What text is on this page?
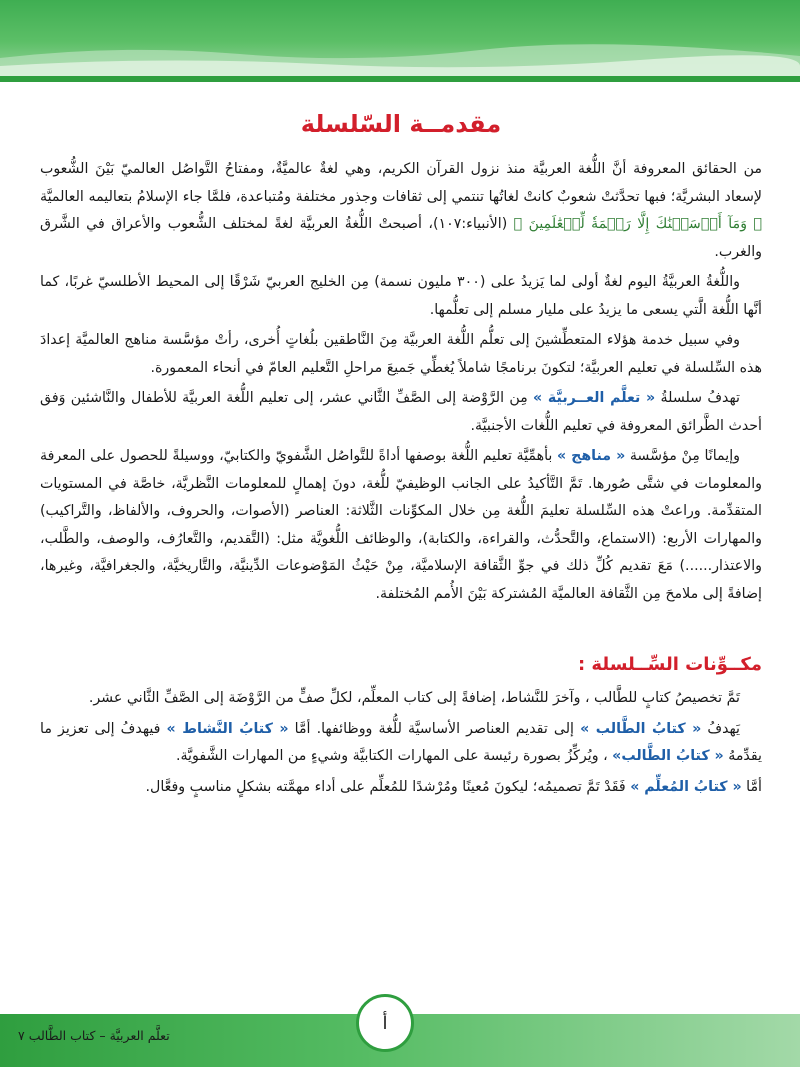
مقدمــة السّلسلة

من الحقائق المعروفة أنَّ اللُّغة العربيَّة منذ نزول القرآن الكريم، وهي لغةٌ عالميَّةٌ، ومفتاحُ التَّواصُل العالميّ بَيْنَ الشُّعوب لإسعاد البشريَّة؛ فبها تحدَّثتْ شعوبٌ كانتْ لغاتُها تنتمي إلى ثقافات وجذور مختلفة ومُتباعدة، فلمَّا جاء الإسلامُ بتعاليمه العالميَّة ﴿ وَمَآ أَرۡسَلۡنَٰكَ إِلَّا رَحۡمَةٗ لِّلۡعَٰلَمِينَ ﴾ (الأنبياء:١٠٧)، أصبحتْ اللُّغةُ العربيَّة لغةً لمختلف الشُّعوب والأعراق في الشَّرق والغرب.

واللُّغةُ العربيَّةُ اليوم لغةٌ أولى لما يَزيدُ على (٣٠٠ مليون نسمة) مِن الخليج العربيّ شَرْقًا إلى المحيط الأطلسيّ غربًا، كما أنَّها اللُّغة الَّتي يسعى ما يزيدُ على مليار مسلم إلى تعلُّمها.

وفي سبيل خدمة هؤلاء المتعطِّشينَ إلى تعلُّم اللُّغة العربيَّة مِنَ النَّاطقين بلُغاتٍ أُخرى، رأتْ مؤسَّسة مناهج العالميَّة إعدادَ هذه السِّلسلة في تعليم العربيَّة؛ لتكونَ برنامجًا شاملاً يُغطِّي جَميعَ مراحلِ التَّعليم العامّ في أنحاء المعمورة.

تهدفُ سلسلةُ « تعلَّم العــربيَّة » مِن الرَّوْضة إلى الصَّفِّ الثَّاني عشر، إلى تعليم اللُّغة العربيَّة للأطفال والنَّاشئين وَفق أحدث الطَّرائق المعروفة في تعليم اللُّغات الأجنبيَّة.

وإيمانًا مِنْ مؤسَّسة « مناهج » بأهمِّيَّة تعليم اللُّغة بوصفها أداةً للتَّواصُل الشَّفويّ والكتابيّ، ووسيلةً للحصول على المعرفة والمعلومات في شتَّى صُورها. تَمَّ التَّأكيدُ على الجانب الوظيفيّ للُّغة، دونَ إهمالٍ للمعلومات النَّظريَّة، خاصَّة في المستويات المتقدِّمة. وراعتْ هذه السِّلسلة تعليمَ اللُّغة مِن خلال المكوِّنات الثَّلاثة: العناصر (الأصوات، والحروف، والألفاظ، والتَّراكيب) والمهارات الأربع: (الاستماع، والتَّحدُّث، والقراءة، والكتابة)، والوظائف اللُّغويَّة مثل: (التَّقديم، والتَّعارُف، والوصف، والطَّلب، والاعتذار......) مَعَ تقديم كُلِّ ذلك في جوِّ الثَّقافة الإسلاميَّة، مِنْ حَيْثُ المَوْضوعات الدِّينيَّة، والتَّاريخيَّة، والجغرافيَّة، وغيرها، إضافةً إلى ملامحَ مِن الثَّقافة العالميَّة المُشتركة بَيْنَ الأُمم المُختلفة.

مكــوِّنات السِّــلسلة :

تَمَّ تخصيصُ كتابٍ للطَّالب ، وآخرَ للنَّشاط، إضافةً إلى كتاب المعلِّم، لكلِّ صفٍّ من الرَّوْضَة إلى الصَّفِّ الثَّاني عشر.

يَهدفُ « كتابُ الطَّالب » إلى تقديم العناصر الأساسيَّة للُّغة ووظائفها. أمَّا « كتابُ النَّشاط » فيهدفُ إلى تعزيز ما يقدِّمهُ « كتابُ الطَّالب» ، ويُركِّزُ بصورة رئيسة على المهارات الكتابيَّة وشيءٍ من المهارات الشَّفويَّة.

أمَّا « كتابُ المُعلِّم » فَقَدْ تَمَّ تصميمُه؛ ليكونَ مُعينًا ومُرْشدًا للمُعلِّم على أداء مهمَّته بشكلٍ مناسبٍ وفعَّال.

تعلَّم العربيَّة – كتاب الطَّالب ٧
أ
